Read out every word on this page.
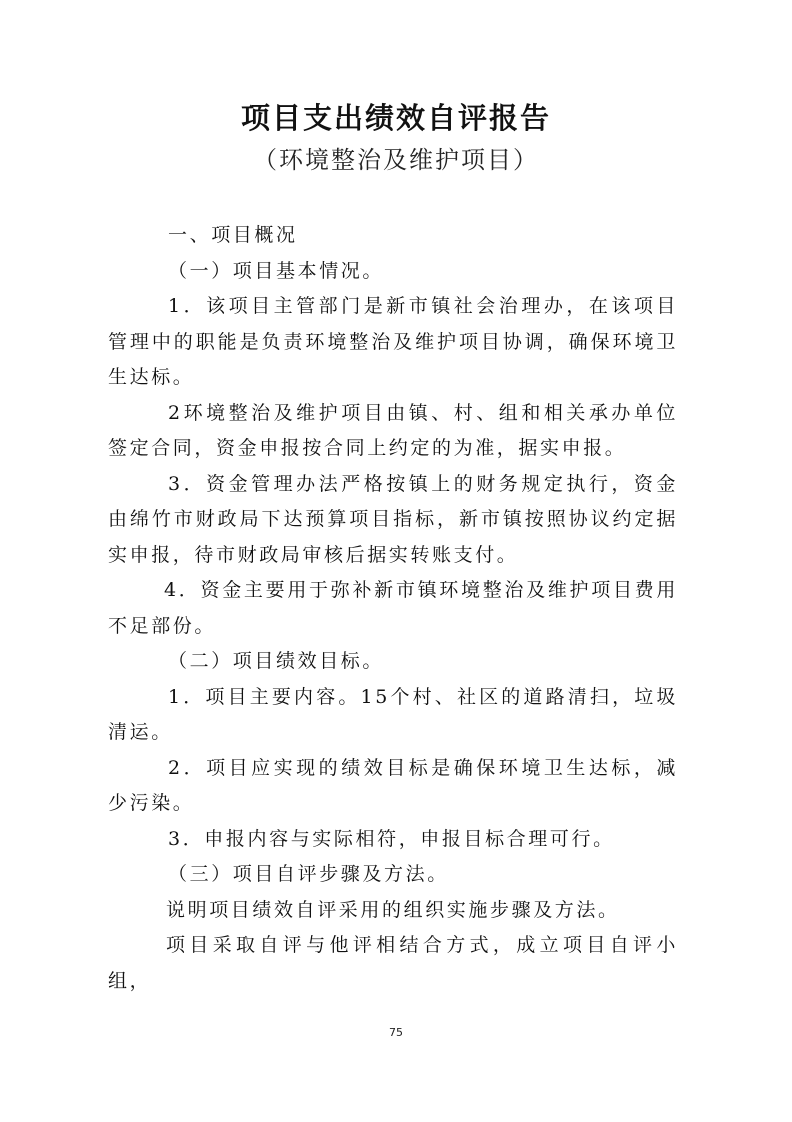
项目支出绩效自评报告
（环境整治及维护项目）

一、项目概况

（一）项目基本情况。

1．该项目主管部门是新市镇社会治理办，在该项目管理中的职能是负责环境整治及维护项目协调，确保环境卫生达标。

2环境整治及维护项目由镇、村、组和相关承办单位签定合同，资金申报按合同上约定的为准，据实申报。

3．资金管理办法严格按镇上的财务规定执行，资金由绵竹市财政局下达预算项目指标，新市镇按照协议约定据实申报，待市财政局审核后据实转账支付。

4．资金主要用于弥补新市镇环境整治及维护项目费用不足部份。

（二）项目绩效目标。

1．项目主要内容。15个村、社区的道路清扫，垃圾清运。

2．项目应实现的绩效目标是确保环境卫生达标，减少污染。

3．申报内容与实际相符，申报目标合理可行。

（三）项目自评步骤及方法。

说明项目绩效自评采用的组织实施步骤及方法。

项目采取自评与他评相结合方式，成立项目自评小组，

75
